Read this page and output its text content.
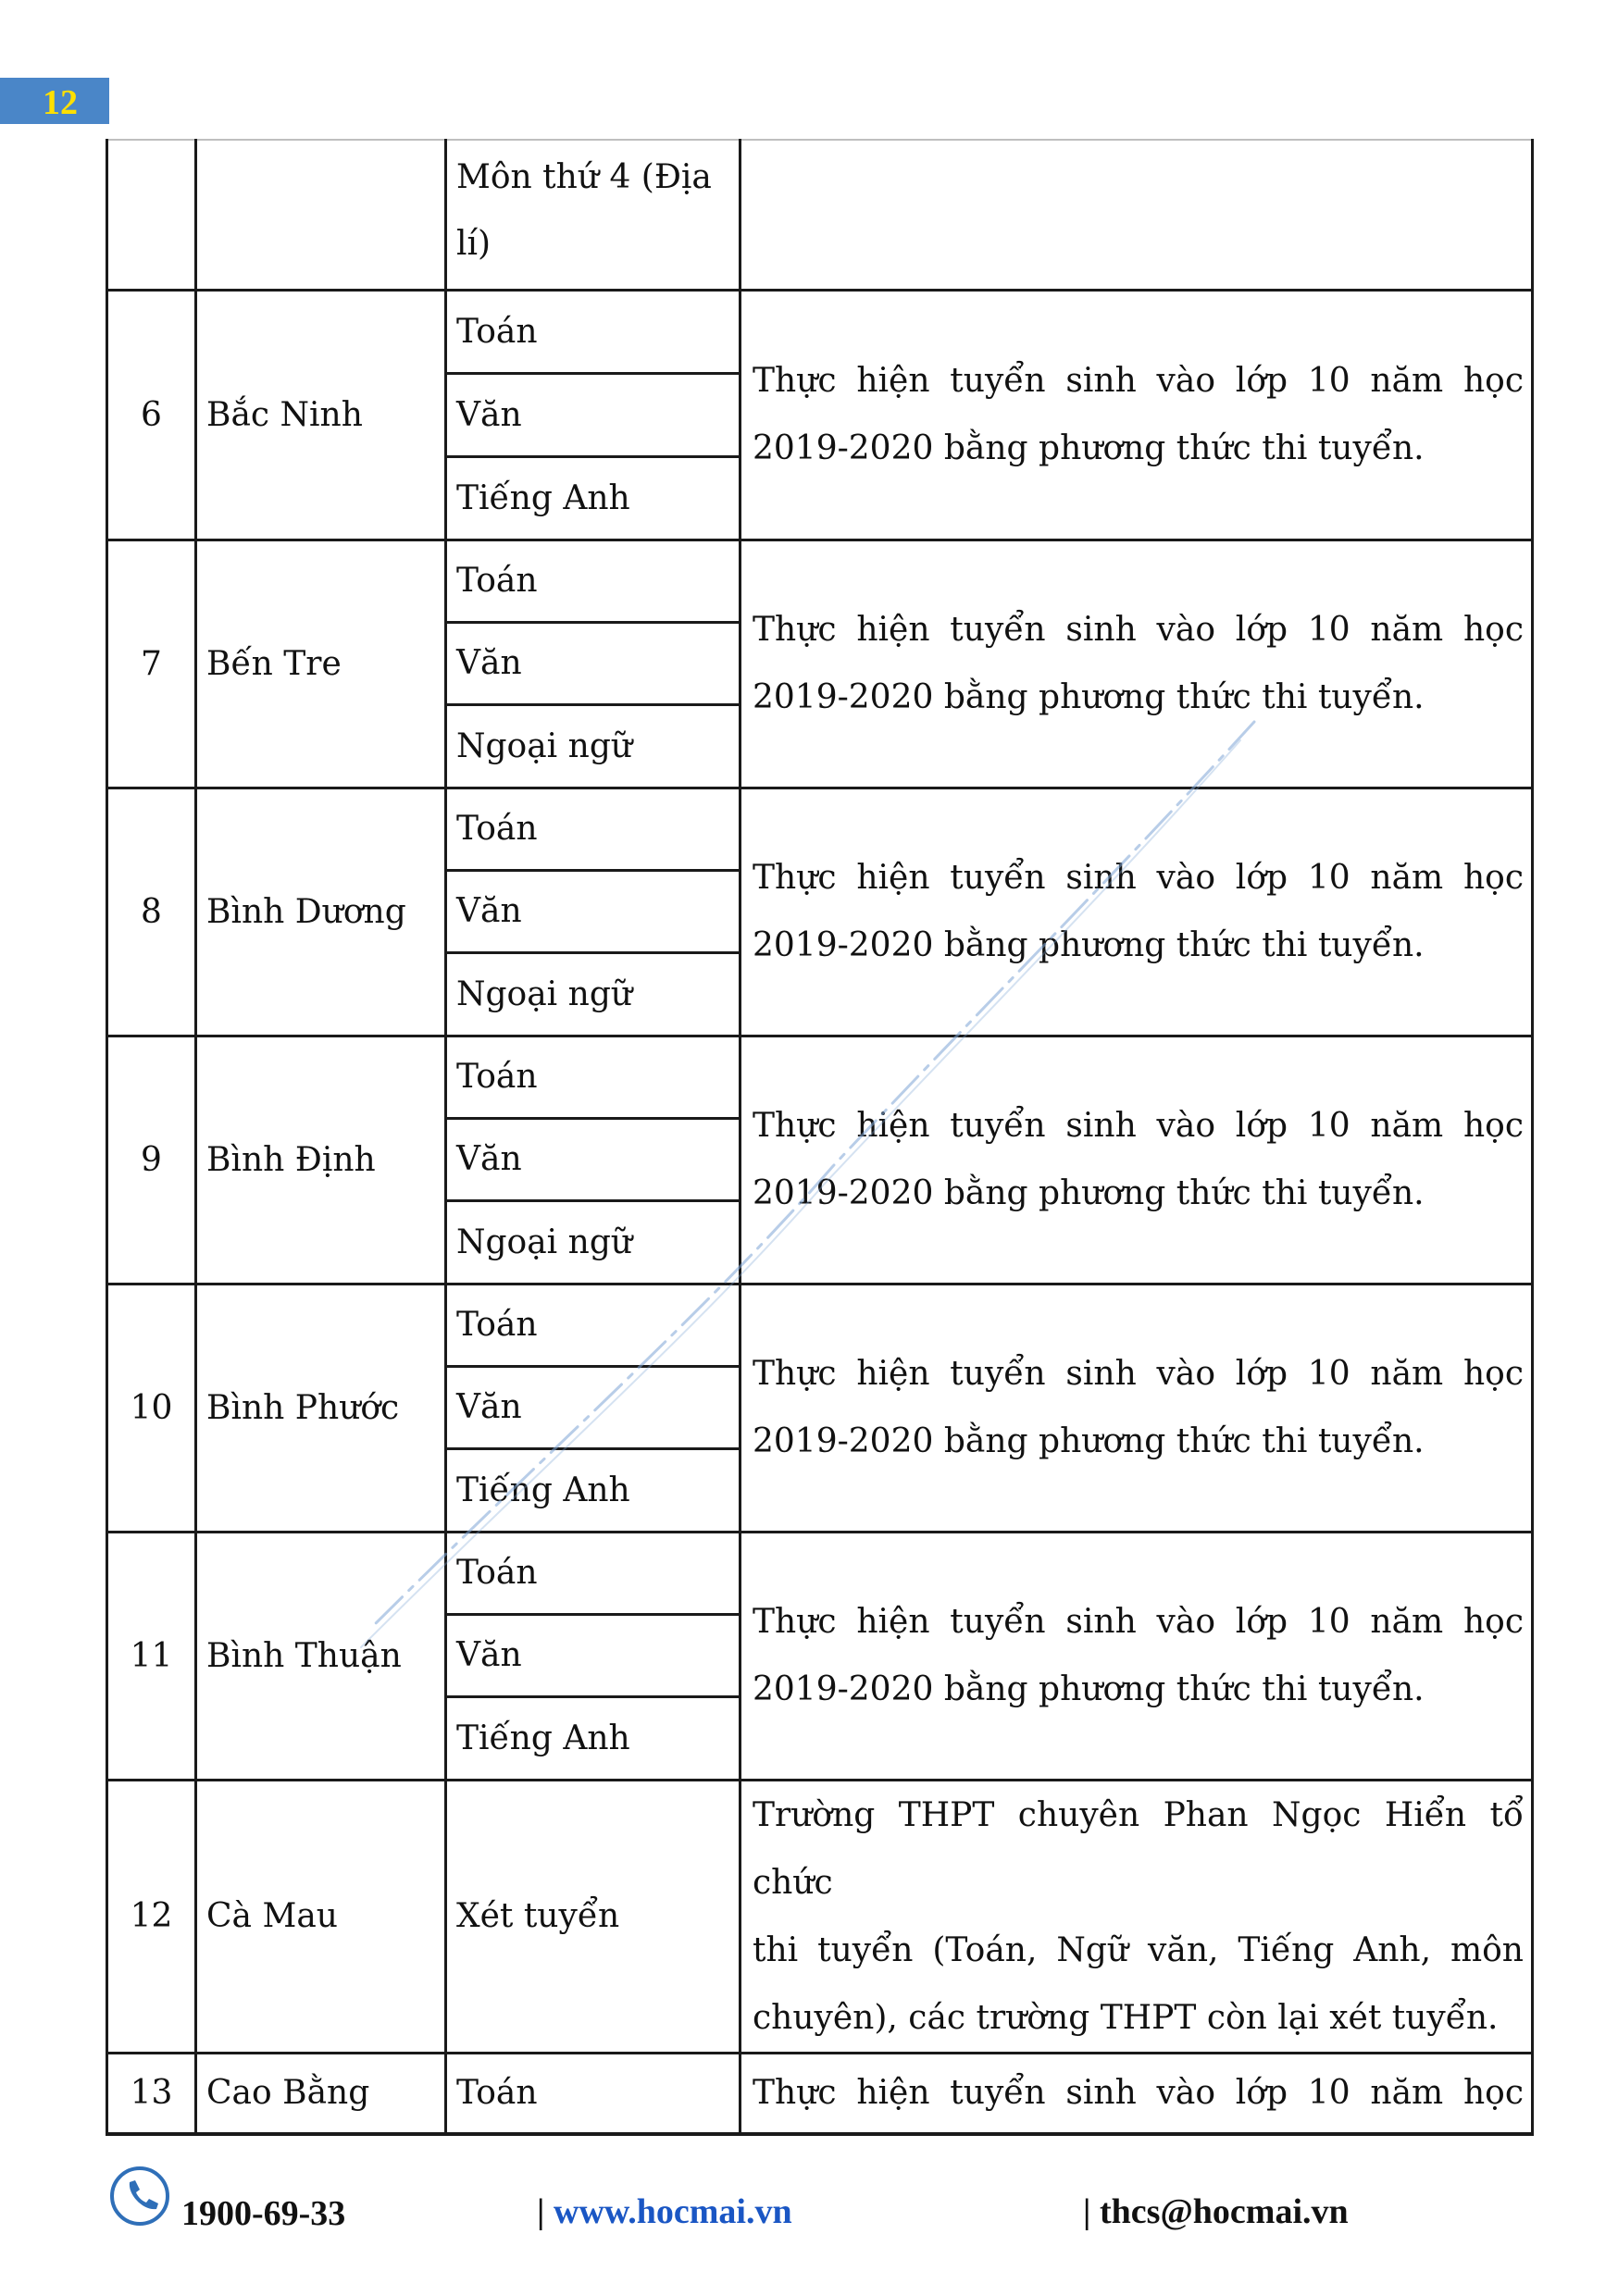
12

		Môn thứ 4 (Địa
lí)	

6	Bắc Ninh	Toán	Thực hiện tuyển sinh vào lớp 10 năm học
2019-2020 bằng phương thức thi tuyển.

		Văn	
		Tiếng Anh	
7	Bến Tre	Toán	Thực hiện tuyển sinh vào lớp 10 năm học
2019-2020 bằng phương thức thi tuyển.

		Văn	
		Ngoại ngữ	
8	Bình Dương	Toán	Thực hiện tuyển sinh vào lớp 10 năm học
2019-2020 bằng phương thức thi tuyển.

		Văn	
		Ngoại ngữ	
9	Bình Định	Toán	Thực hiện tuyển sinh vào lớp 10 năm học
2019-2020 bằng phương thức thi tuyển.

		Văn	
		Ngoại ngữ	
10	Bình Phước	Toán	Thực hiện tuyển sinh vào lớp 10 năm học
2019-2020 bằng phương thức thi tuyển.

		Văn	
		Tiếng Anh	
11	Bình Thuận	Toán	Thực hiện tuyển sinh vào lớp 10 năm học
2019-2020 bằng phương thức thi tuyển.

		Văn	
		Tiếng Anh	
12	Cà Mau	Xét tuyển	Trường THPT chuyên Phan Ngọc Hiển tổ chức
thi tuyển (Toán, Ngữ văn, Tiếng Anh, môn
chuyên), các trường THPT còn lại xét tuyển.

13	Cao Bằng	Toán	Thực hiện tuyển sinh vào lớp 10 năm học
1900-69-33	| www.hocmai.vn	| thcs@hocmai.vn
